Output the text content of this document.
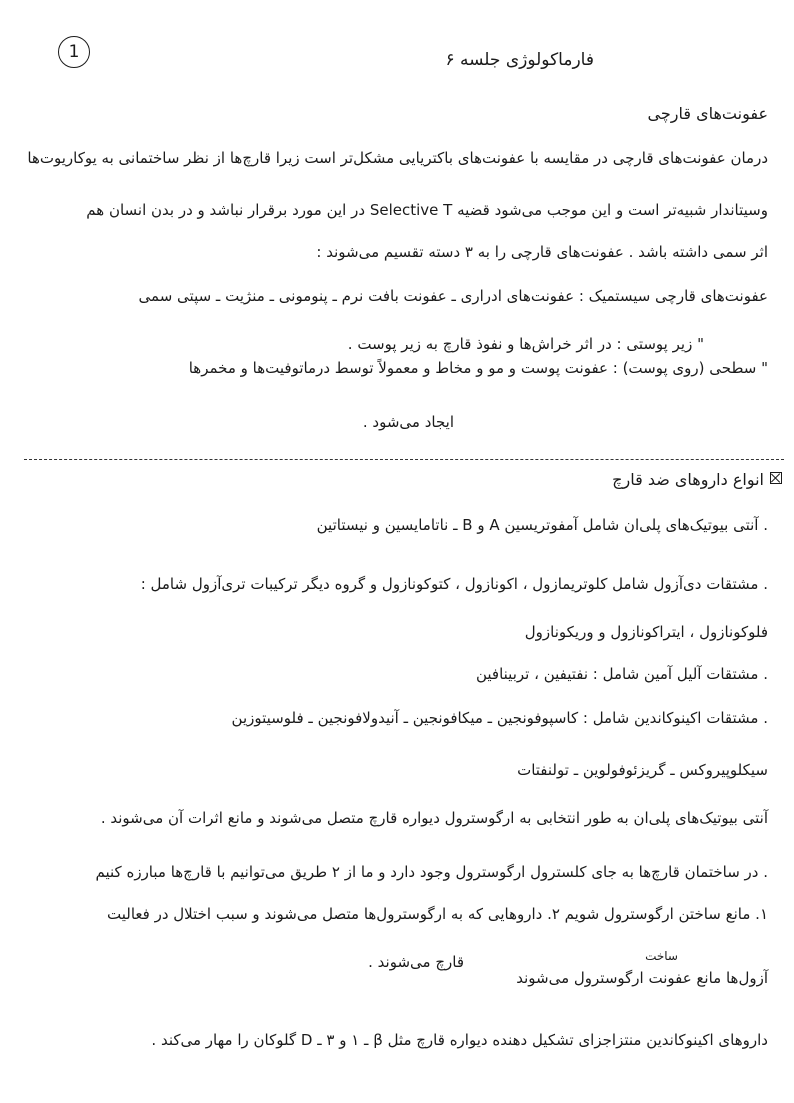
1	فارماکولوژی جلسه ۶
عفونت‌های قارچی
درمان عفونت‌های قارچی در مقایسه با عفونت‌های باکتریایی مشکل‌تر است زیرا قارچ‌ها از نظر ساختمانی به یوکاریوت‌ها
وسیتاندار شبیه‌تر است و این موجب می‌شود قضیه Selective T در این مورد برقرار نباشد و در بدن انسان هم
اثر سمی داشته باشد . عفونت‌های قارچی را به ۳ دسته تقسیم می‌شوند :
عفونت‌های قارچی سیستمیک : عفونت‌های ادراری ـ عفونت بافت نرم ـ پنومونی ـ منژیت ـ سپتی سمی
" زیر پوستی : در اثر خراش‌ها و نفوذ قارچ به زیر پوست .
" سطحی (روی پوست) : عفونت پوست و مو و مخاط و معمولاً توسط درماتوفیت‌ها و مخمرها
ایجاد می‌شود .
انواع داروهای ضد قارچ
. آنتی بیوتیک‌های پلی‌ان شامل آمفوتریسین A و B ـ ناتامایسین و نیستاتین
. مشتقات دی‌آزول شامل کلوتریمازول ، اکونازول ، کتوکونازول و گروه دیگر ترکیبات تری‌آزول شامل :
فلوکونازول ، ایتراکونازول و وریکونازول
. مشتقات آلیل آمین شامل : نفتیفین ، تربینافین
. مشتقات اکینوکاندین شامل : کاسپوفونجین ـ میکافونجین ـ آنیدولافونجین ـ فلوسیتوزین
سیکلوپیروکس ـ گریزئوفولوین ـ تولنفتات
آنتی بیوتیک‌های پلی‌ان به طور انتخابی به ارگوسترول دیواره قارچ متصل می‌شوند و مانع اثرات آن می‌شوند .
. در ساختمان قارچ‌ها به جای کلسترول ارگوسترول وجود دارد و ما از ۲ طریق می‌توانیم با قارچ‌ها مبارزه کنیم
۱. مانع ساختن ارگوسترول شویم ۲. داروهایی که به ارگوسترول‌ها متصل می‌شوند و سبب اختلال در فعالیت
قارچ می‌شوند .	ساخت
آزول‌ها مانع عفونت ارگوسترول می‌شوند
داروهای اکینوکاندین منتزاجزای تشکیل دهنده دیواره قارچ مثل β ـ ۱ و ۳ ـ D گلوکان را مهار می‌کند .
